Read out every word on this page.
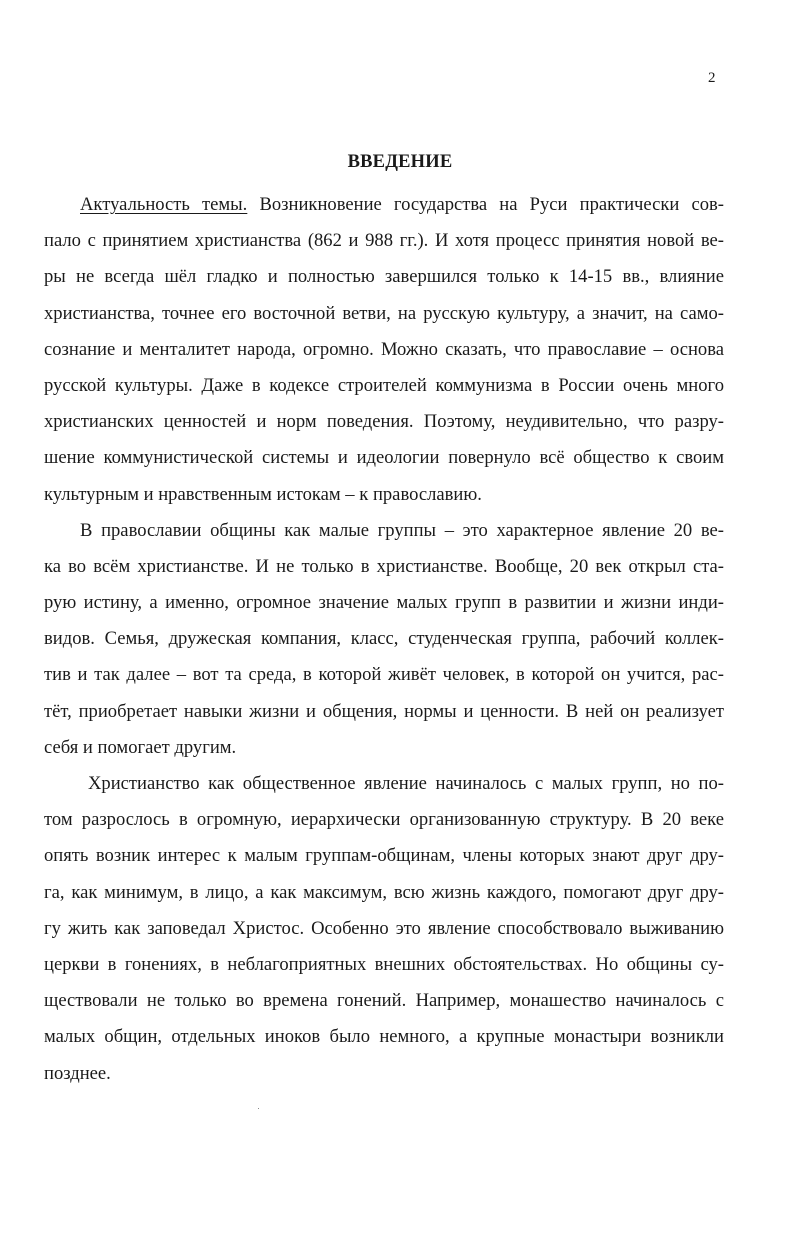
2
ВВЕДЕНИЕ
Актуальность темы. Возникновение государства на Руси практически сов-
пало с принятием христианства (862 и 988 гг.). И хотя процесс принятия новой ве-
ры не всегда шёл гладко и полностью завершился только к 14-15 вв., влияние
христианства, точнее его восточной ветви, на русскую культуру, а значит, на само-
сознание и менталитет народа, огромно. Можно сказать, что православие – основа
русской культуры. Даже в кодексе строителей коммунизма в России очень много
христианских ценностей и норм поведения. Поэтому, неудивительно, что разру-
шение коммунистической системы и идеологии повернуло всё общество к своим
культурным и нравственным истокам – к православию.
В православии общины как малые группы – это характерное явление 20 ве-
ка во всём христианстве. И не только в христианстве. Вообще, 20 век открыл ста-
рую истину, а именно, огромное значение малых групп в развитии и жизни инди-
видов. Семья, дружеская компания, класс, студенческая группа, рабочий коллек-
тив и так далее – вот та среда, в которой живёт человек, в которой он учится, рас-
тёт, приобретает навыки жизни и общения, нормы и ценности. В ней он реализует
себя и помогает другим.
Христианство как общественное явление начиналось с малых групп, но по-
том разрослось в огромную, иерархически организованную структуру. В 20 веке
опять возник интерес к малым группам-общинам, члены которых знают друг дру-
га, как минимум, в лицо, а как максимум, всю жизнь каждого, помогают друг дру-
гу жить как заповедал Христос. Особенно это явление способствовало выживанию
церкви в гонениях, в неблагоприятных внешних обстоятельствах. Но общины су-
ществовали не только во времена гонений. Например, монашество начиналось с
малых общин, отдельных иноков было немного, а крупные монастыри возникли
позднее.
